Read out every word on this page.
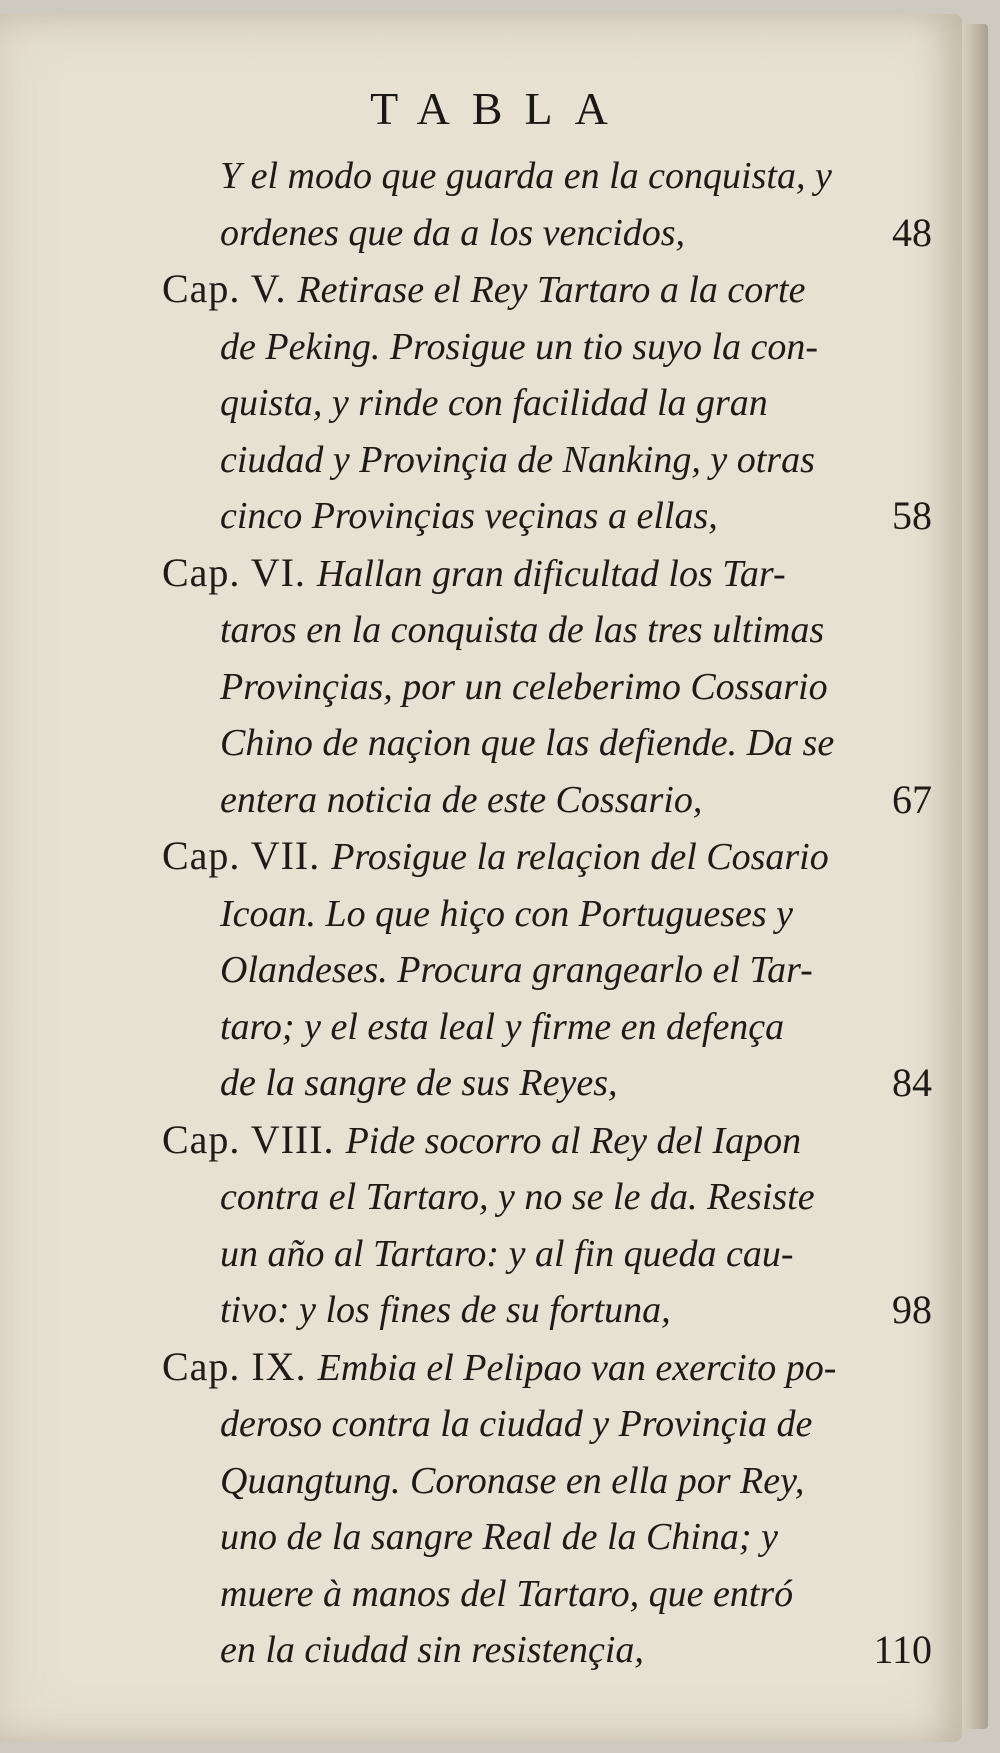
TABLA
Y el modo que guarda en la conquista, y
ordenes que da a los vencidos,	48
Cap. V. Retirase el Rey Tartaro a la corte
de Peking. Prosigue un tio suyo la con-
quista, y rinde con facilidad la gran
ciudad y Provinçia de Nanking, y otras
cinco Provinçias veçinas a ellas,	58
Cap. VI. Hallan gran dificultad los Tar-
taros en la conquista de las tres ultimas
Provinçias, por un celeberimo Cossario
Chino de naçion que las defiende. Da se
entera noticia de este Cossario,	67
Cap. VII. Prosigue la relaçion del Cosario
Icoan. Lo que hiço con Portugueses y
Olandeses. Procura grangearlo el Tar-
taro; y el esta leal y firme en defença
de la sangre de sus Reyes,	84
Cap. VIII. Pide socorro al Rey del Iapon
contra el Tartaro, y no se le da. Resiste
un año al Tartaro: y al fin queda cau-
tivo: y los fines de su fortuna,	98
Cap. IX. Embia el Pelipao van exercito po-
deroso contra la ciudad y Provinçia de
Quangtung. Coronase en ella por Rey,
uno de la sangre Real de la China; y
muere à manos del Tartaro, que entró
en la ciudad sin resistençia,	110
